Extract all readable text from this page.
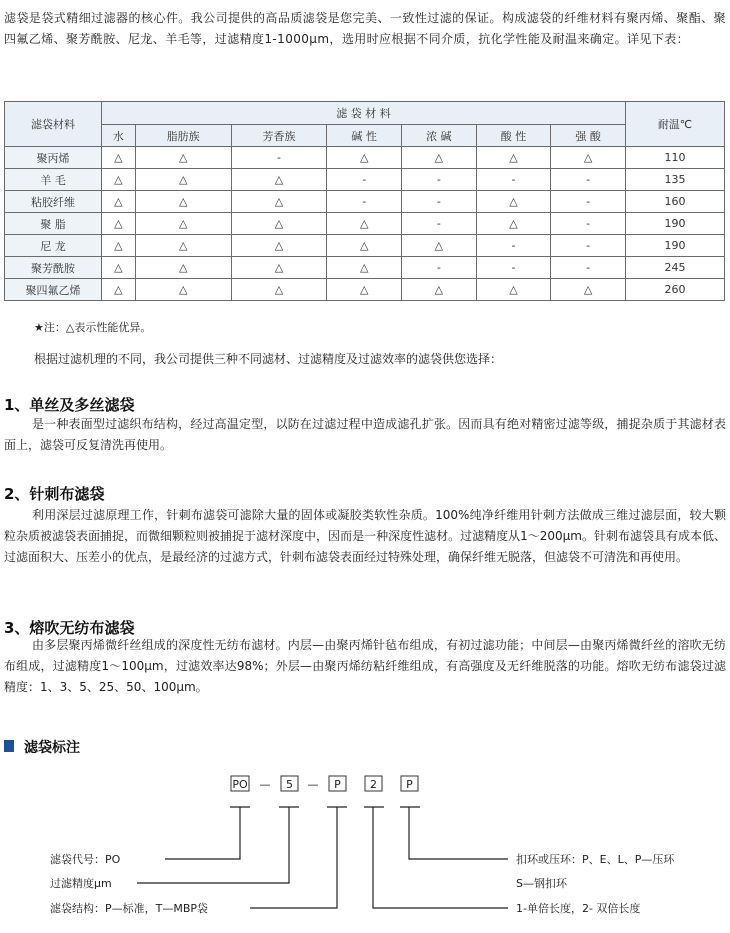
滤袋是袋式精细过滤器的核心件。我公司提供的高品质滤袋是您完美、一致性过滤的保证。构成滤袋的纤维材料有聚丙烯、聚酯、聚四氟乙烯、聚芳酰胺、尼龙、羊毛等，过滤精度1-1000μm，选用时应根据不同介质，抗化学性能及耐温来确定。详见下表：
滤袋材料	滤 袋 材 料							耐温℃
	水	脂肪族	芳香族	碱 性	浓 碱	酸 性	强 酸	
聚丙烯	△	△	-	△	△	△	△	110
羊 毛	△	△	△	-	-	-	-	135
粘胶纤维	△	△	△	-	-	△	-	160
聚 脂	△	△	△	△	-	△	-	190
尼 龙	△	△	△	△	△	-	-	190
聚芳酰胺	△	△	△	△	-	-	-	245
聚四氟乙烯	△	△	△	△	△	△	△	260
★注：△表示性能优异。
根据过滤机理的不同，我公司提供三种不同滤材、过滤精度及过滤效率的滤袋供您选择：
1、单丝及多丝滤袋
是一种表面型过滤织布结构，经过高温定型，以防在过滤过程中造成滤孔扩张。因而具有绝对精密过滤等级，捕捉杂质于其滤材表面上，滤袋可反复清洗再使用。
2、针刺布滤袋
利用深层过滤原理工作，针刺布滤袋可滤除大量的固体或凝胶类软性杂质。100%纯净纤维用针刺方法做成三维过滤层面，较大颗粒杂质被滤袋表面捕捉，而微细颗粒则被捕捉于滤材深度中，因而是一种深度性滤材。过滤精度从1～200μm。针刺布滤袋具有成本低、过滤面积大、压差小的优点，是最经济的过滤方式，针刺布滤袋表面经过特殊处理，确保纤维无脱落，但滤袋不可清洗和再使用。
3、熔吹无纺布滤袋
由多层聚丙烯微纤丝组成的深度性无纺布滤材。内层—由聚丙烯针毡布组成，有初过滤功能；中间层—由聚丙烯微纤丝的溶吹无纺布组成，过滤精度1～100μm，过滤效率达98%；外层—由聚丙烯纺粘纤维组成，有高强度及无纤维脱落的功能。熔吹无纺布滤袋过滤精度：1、3、5、25、50、100μm。
滤袋标注
PO — 5 — P	2	P
滤袋代号：PO
过滤精度μm
滤袋结构：P—标准，T—MBP袋
扣环或压环：P、E、L、P—压环
S—钢扣环
1-单倍长度，2- 双倍长度
